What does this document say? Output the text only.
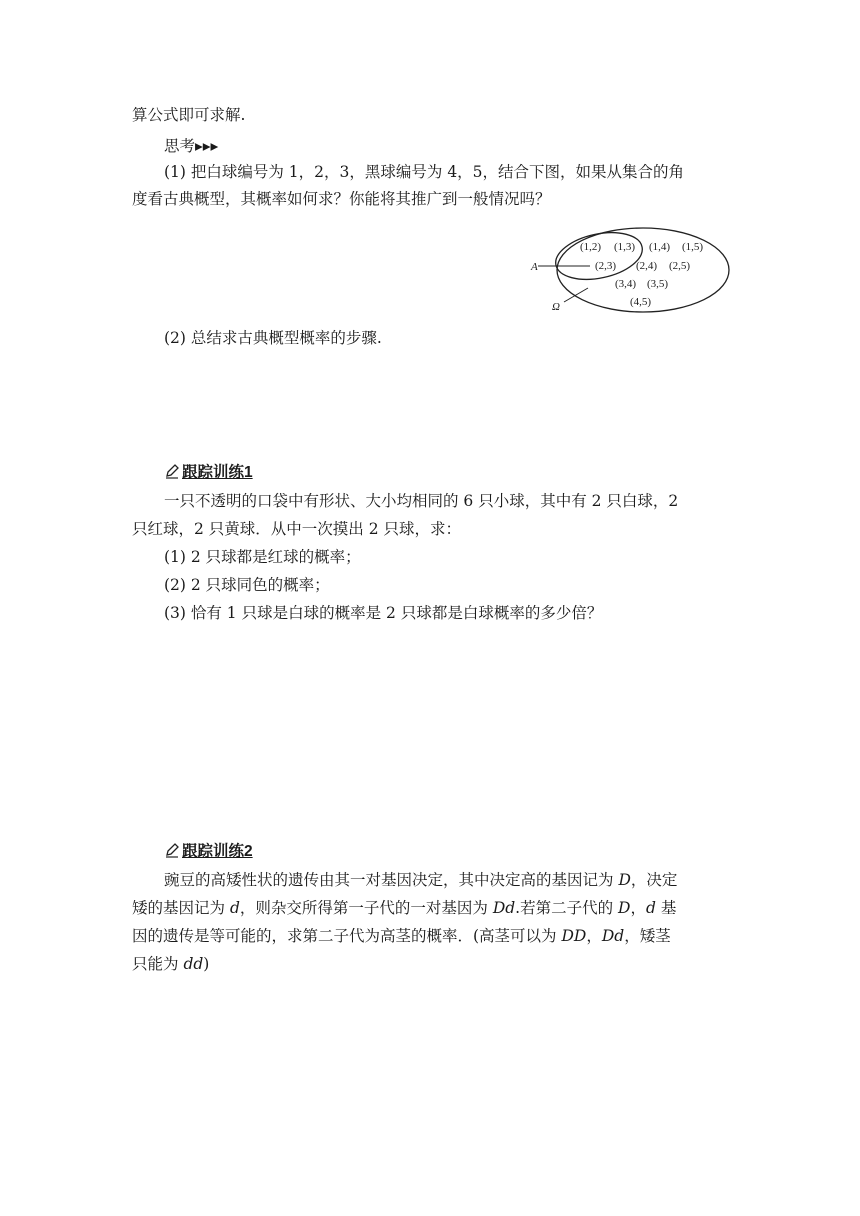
算公式即可求解.
思考▸▸▸
(1) 把白球编号为 1，2，3，黑球编号为 4，5，结合下图，如果从集合的角
度看古典概型，其概率如何求？你能将其推广到一般情况吗？
A
Ω
(1,2) (1,3) (1,4) (1,5)
(2,3) (2,4) (2,5)
(3,4) (3,5)
(4,5)
(2) 总结求古典概型概率的步骤.
跟踪训练1
一只不透明的口袋中有形状、大小均相同的 6 只小球，其中有 2 只白球，2
只红球，2 只黄球．从中一次摸出 2 只球，求：
(1) 2 只球都是红球的概率；
(2) 2 只球同色的概率；
(3) 恰有 1 只球是白球的概率是 2 只球都是白球概率的多少倍？
跟踪训练2
豌豆的高矮性状的遗传由其一对基因决定，其中决定高的基因记为 D，决定
矮的基因记为 d，则杂交所得第一子代的一对基因为 Dd.若第二子代的 D，d 基
因的遗传是等可能的，求第二子代为高茎的概率．(高茎可以为 DD，Dd，矮茎
只能为 dd)
